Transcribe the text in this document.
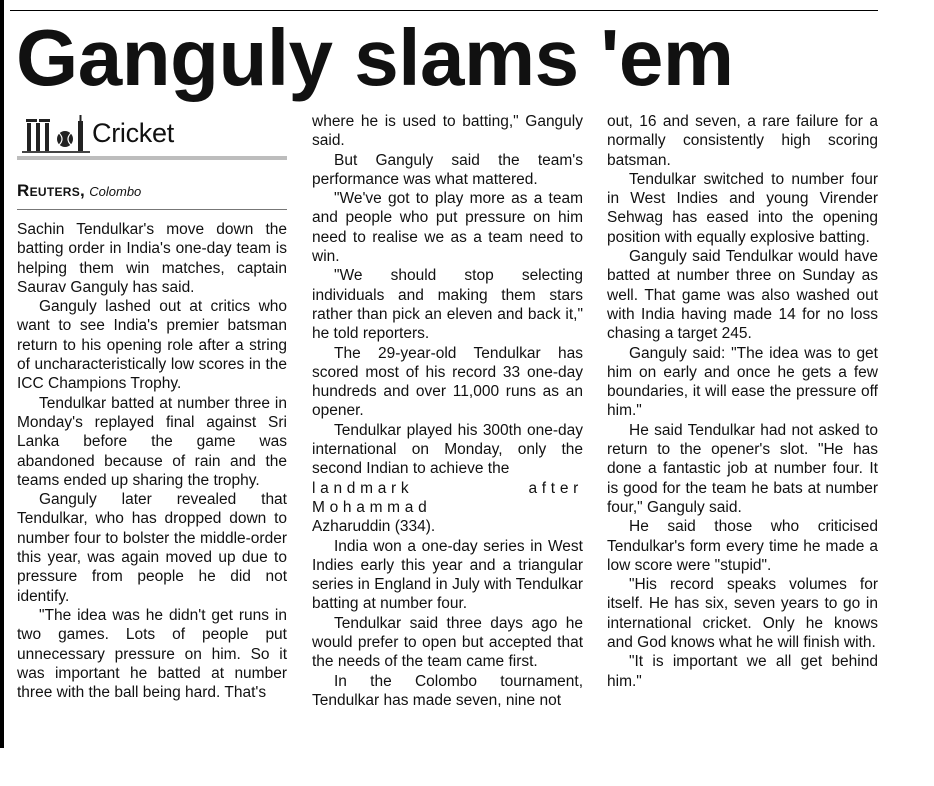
Ganguly slams 'em
Cricket
Reuters, Colombo

Sachin Tendulkar's move down the batting order in India's one-day team is helping them win matches, captain Saurav Ganguly has said.

Ganguly lashed out at critics who want to see India's premier batsman return to his opening role after a string of uncharacteristically low scores in the ICC Champions Trophy.

Tendulkar batted at number three in Monday's replayed final against Sri Lanka before the game was abandoned because of rain and the teams ended up sharing the trophy.

Ganguly later revealed that Tendulkar, who has dropped down to number four to bolster the middle-order this year, was again moved up due to pressure from people he did not identify.

"The idea was he didn't get runs in two games. Lots of people put unnecessary pressure on him. So it was important he batted at number three with the ball being hard. That's

where he is used to batting," Ganguly said.

But Ganguly said the team's performance was what mattered.

"We've got to play more as a team and people who put pressure on him need to realise we as a team need to win.

"We should stop selecting individuals and making them stars rather than pick an eleven and back it," he told reporters.

The 29-year-old Tendulkar has scored most of his record 33 one-day hundreds and over 11,000 runs as an opener.

Tendulkar played his 300th one-day international on Monday, only the second Indian to achieve the

landmark after Mohammad

Azharuddin (334).

India won a one-day series in West Indies early this year and a triangular series in England in July with Tendulkar batting at number four.

Tendulkar said three days ago he would prefer to open but accepted that the needs of the team came first.

In the Colombo tournament, Tendulkar has made seven, nine not

out, 16 and seven, a rare failure for a normally consistently high scoring batsman.

Tendulkar switched to number four in West Indies and young Virender Sehwag has eased into the opening position with equally explosive batting.

Ganguly said Tendulkar would have batted at number three on Sunday as well. That game was also washed out with India having made 14 for no loss chasing a target 245.

Ganguly said: "The idea was to get him on early and once he gets a few boundaries, it will ease the pressure off him."

He said Tendulkar had not asked to return to the opener's slot. "He has done a fantastic job at number four. It is good for the team he bats at number four," Ganguly said.

He said those who criticised Tendulkar's form every time he made a low score were "stupid".

"His record speaks volumes for itself. He has six, seven years to go in international cricket. Only he knows and God knows what he will finish with.

"It is important we all get behind him."
